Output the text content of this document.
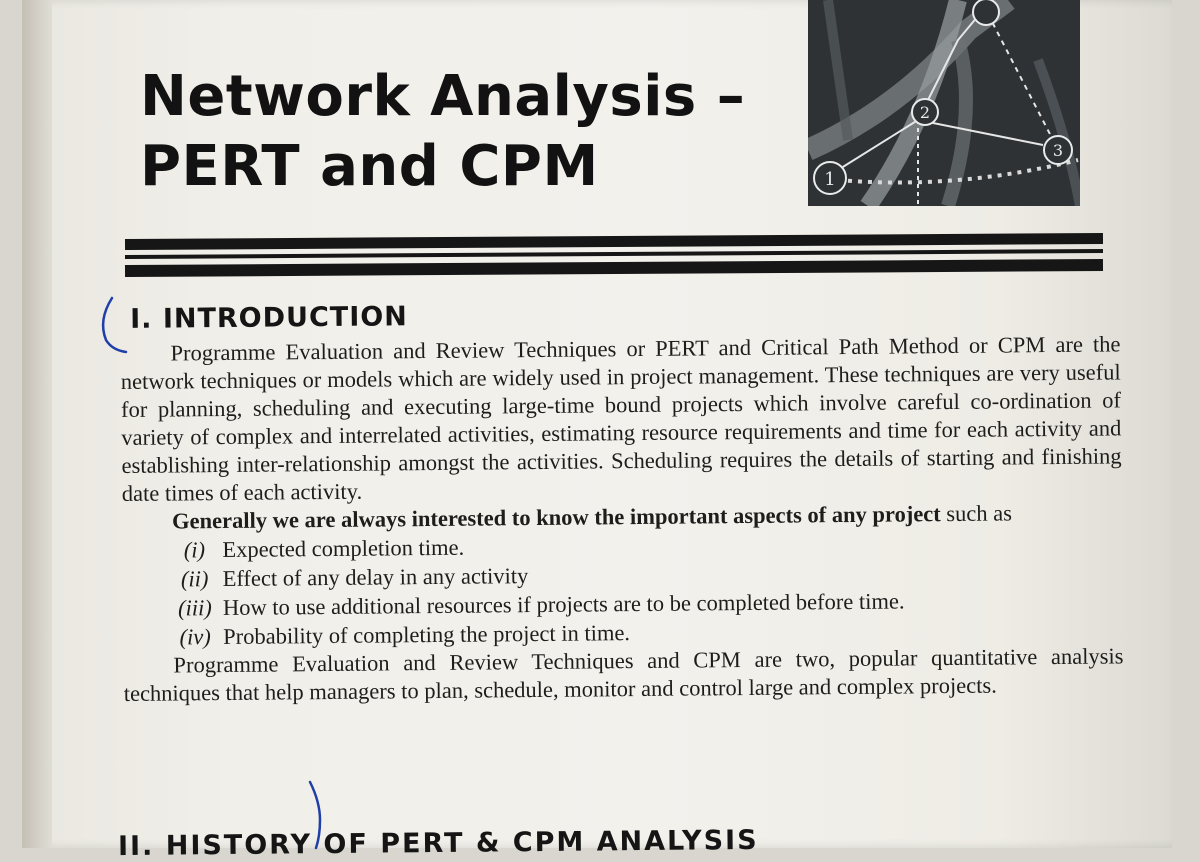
Network Analysis –
PERT and CPM	1
2
3
I. INTRODUCTION

Programme Evaluation and Review Techniques or PERT and Critical Path Method or CPM are the network techniques or models which are widely used in project management. These techniques are very useful for planning, scheduling and executing large-time bound projects which involve careful co-ordination of variety of complex and interrelated activities, estimating resource requirements and time for each activity and establishing inter-relationship amongst the activities. Scheduling requires the details of starting and finishing date times of each activity.

Generally we are always interested to know the important aspects of any project such as

(i) Expected completion time.
(ii) Effect of any delay in any activity
(iii) How to use additional resources if projects are to be completed before time.
(iv) Probability of completing the project in time.

Programme Evaluation and Review Techniques and CPM are two, popular quantitative analysis techniques that help managers to plan, schedule, monitor and control large and complex projects.

II. HISTORY OF PERT & CPM ANALYSIS
